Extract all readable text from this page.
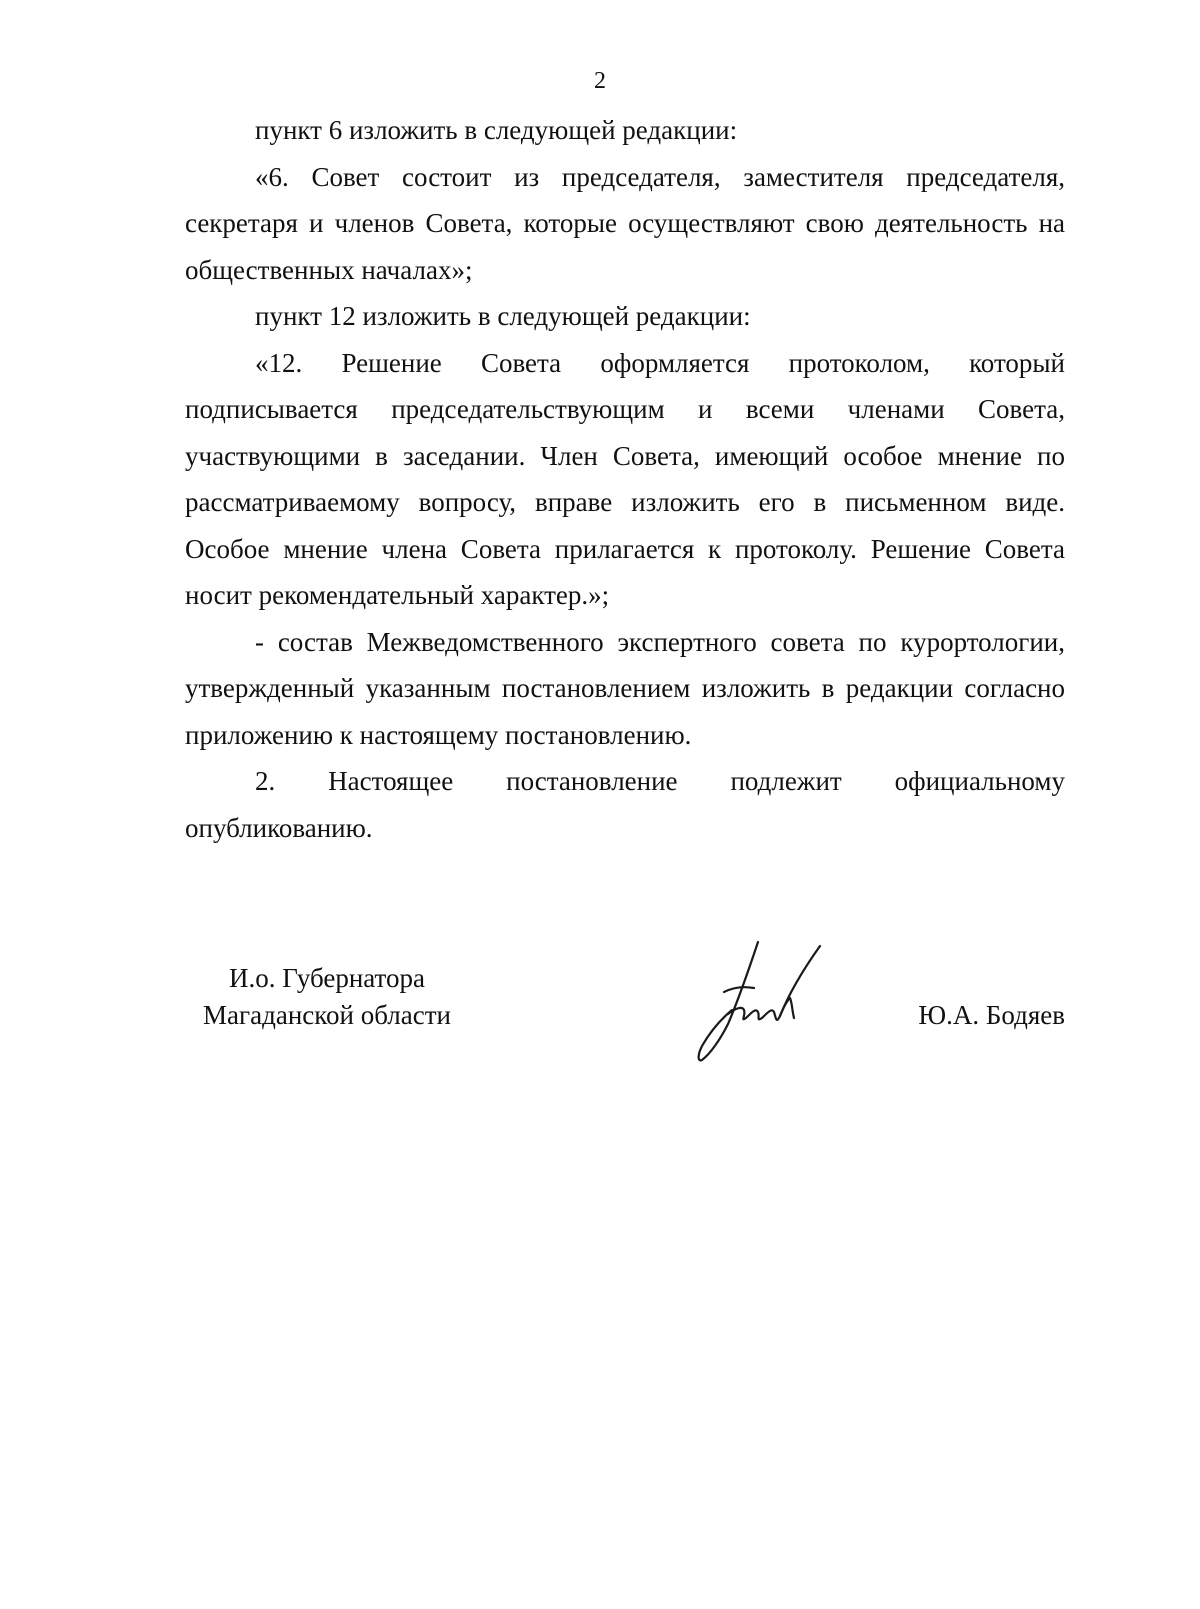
2

пункт 6 изложить в следующей редакции:

«6. Совет состоит из председателя, заместителя председателя, секретаря и членов Совета, которые осуществляют свою деятельность на общественных началах»;

пункт 12 изложить в следующей редакции:

«12. Решение Совета оформляется протоколом, который подписывается председательствующим и всеми членами Совета, участвующими в заседании. Член Совета, имеющий особое мнение по рассматриваемому вопросу, вправе изложить его в письменном виде. Особое мнение члена Совета прилагается к протоколу. Решение Совета носит рекомендательный характер.»;

- состав Межведомственного экспертного совета по курортологии, утвержденный указанным постановлением изложить в редакции согласно приложению к настоящему постановлению.

2. Настоящее постановление подлежит официальному опубликованию.

И.о. Губернатора
Магаданской области	Ю.А. Бодяев
